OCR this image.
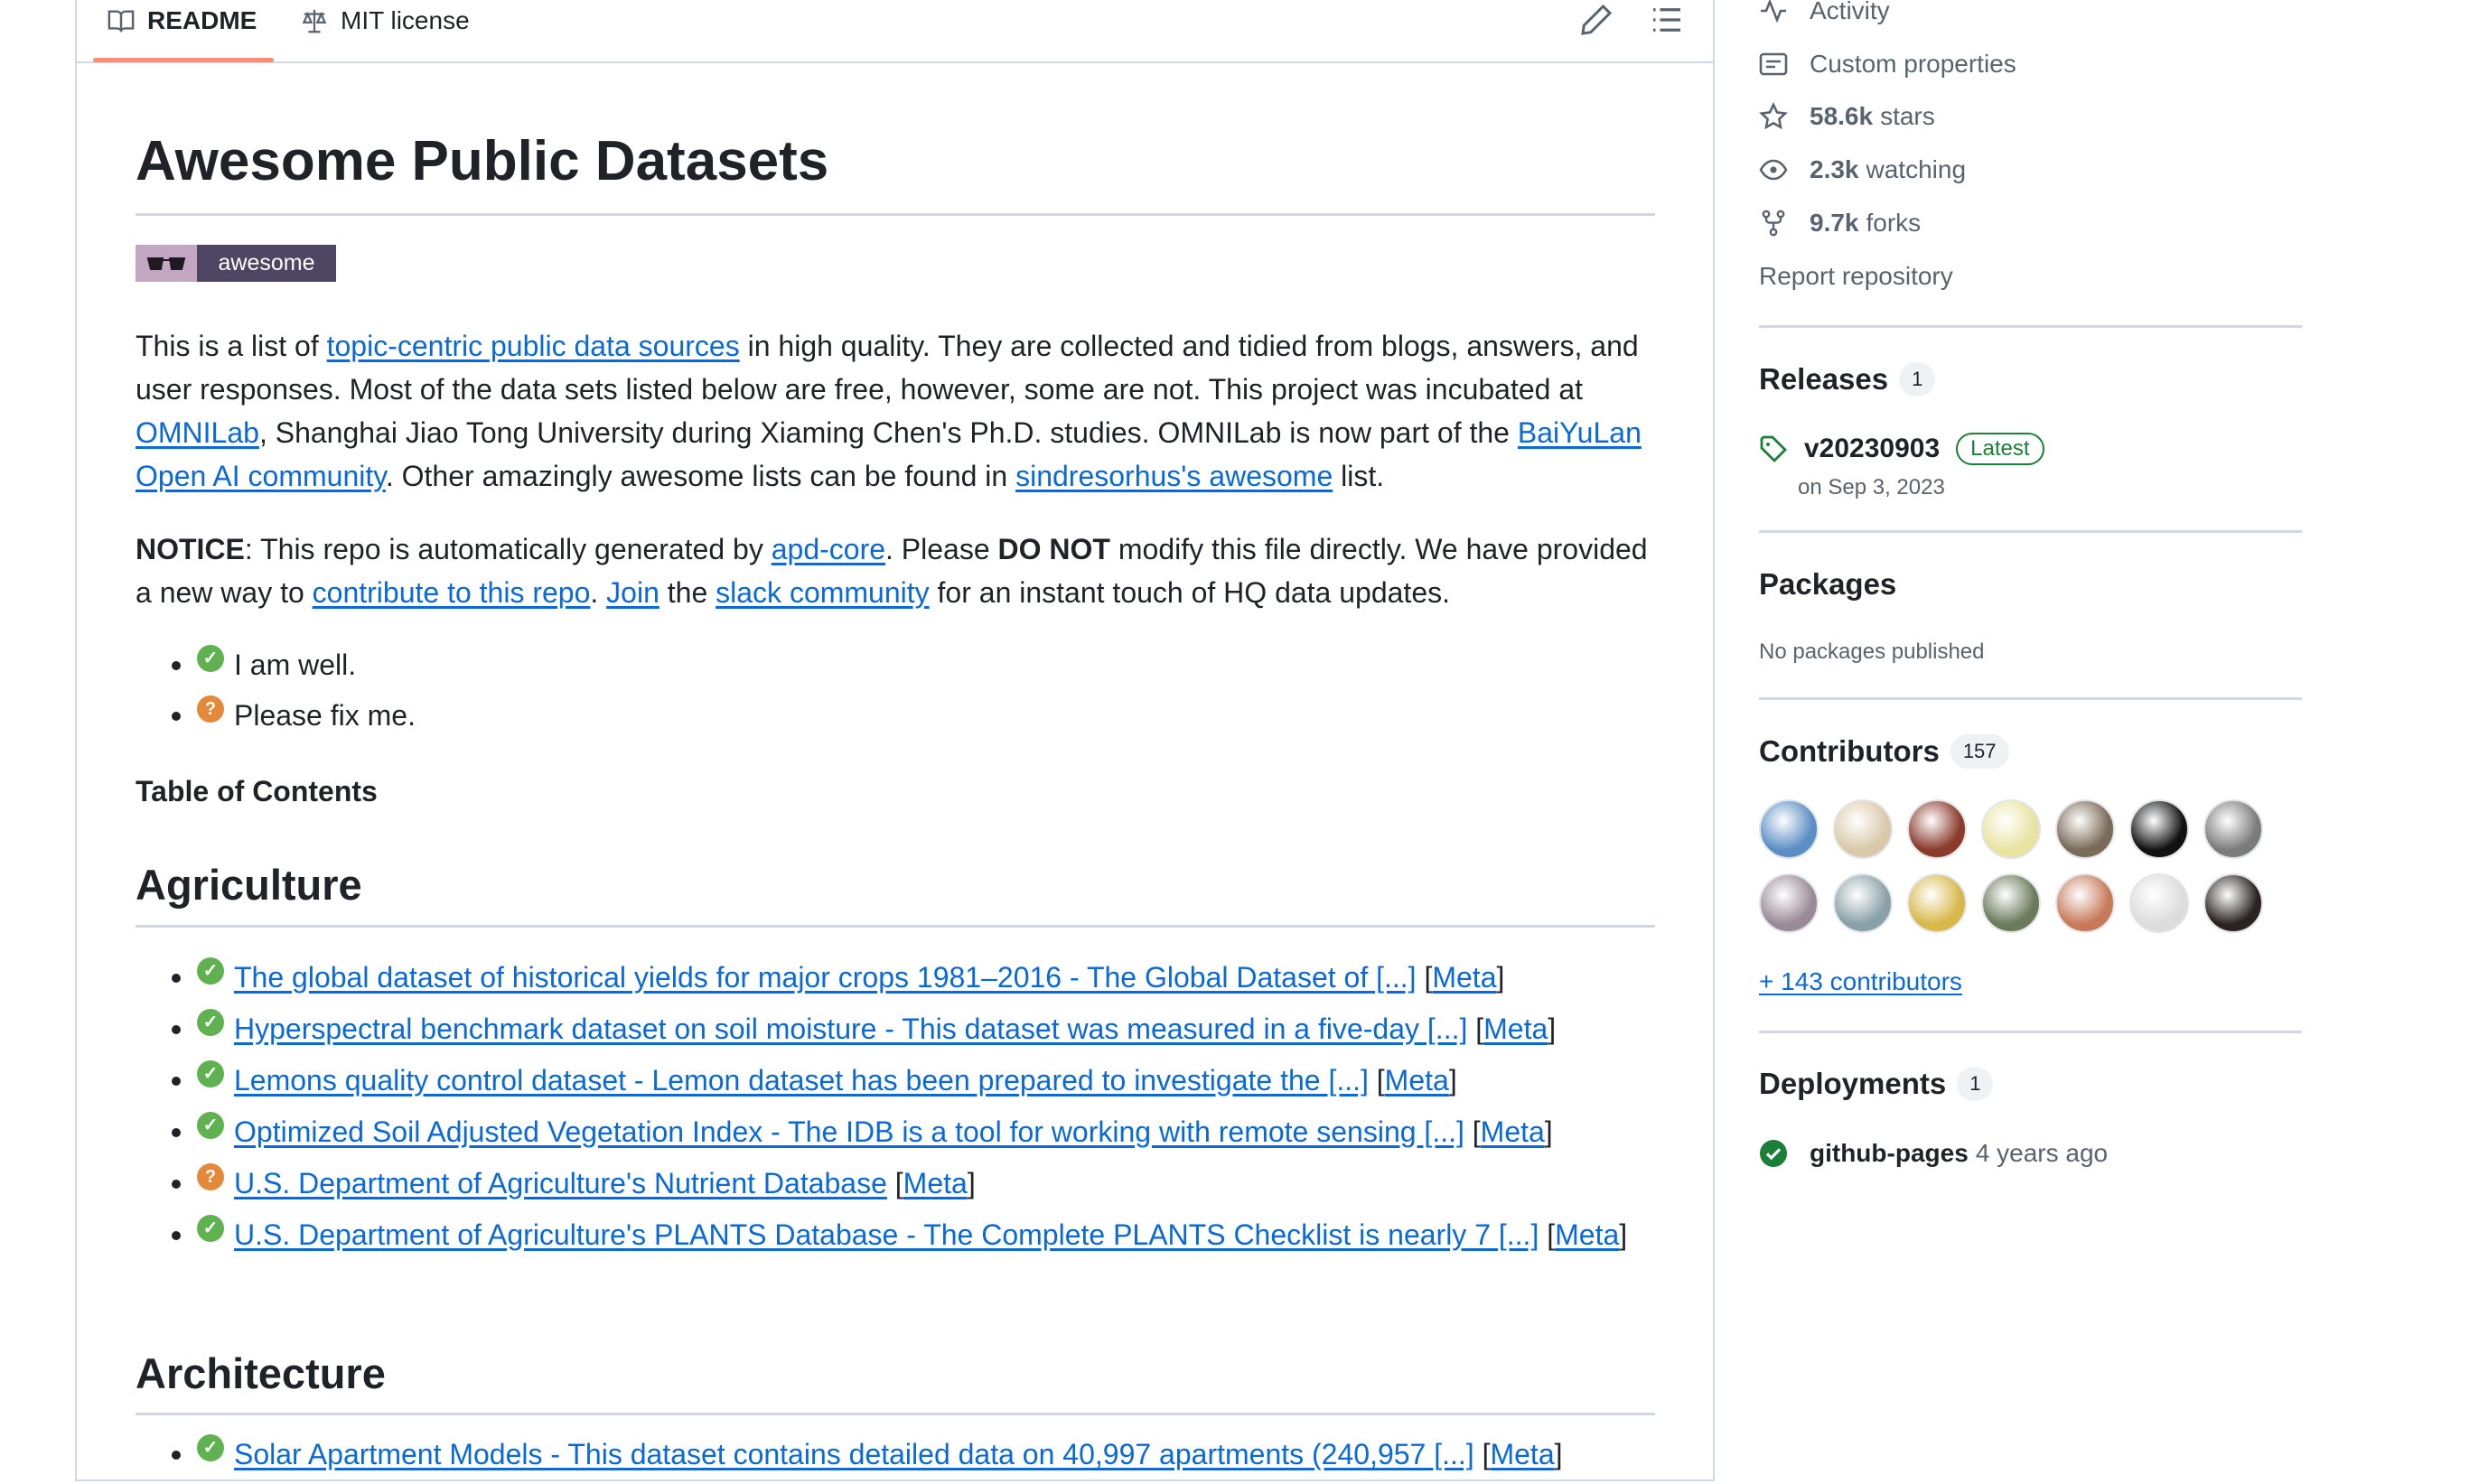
README	MIT license
Awesome Public Datasets
awesome

This is a list of topic-centric public data sources in high quality. They are collected and tidied from blogs, answers, and user responses. Most of the data sets listed below are free, however, some are not. This project was incubated at OMNILab, Shanghai Jiao Tong University during Xiaming Chen's Ph.D. studies. OMNILab is now part of the BaiYuLan Open AI community. Other amazingly awesome lists can be found in sindresorhus's awesome list.

NOTICE: This repo is automatically generated by apd-core. Please DO NOT modify this file directly. We have provided a new way to contribute to this repo. Join the slack community for an instant touch of HQ data updates.

✓ I am well.
? Please fix me.
Table of Contents
Agriculture
✓ The global dataset of historical yields for major crops 1981–2016 - The Global Dataset of [...] [ Meta ]
✓ Hyperspectral benchmark dataset on soil moisture - This dataset was measured in a five-day [...] [ Meta ]
✓ Lemons quality control dataset - Lemon dataset has been prepared to investigate the [...] [ Meta ]
✓ Optimized Soil Adjusted Vegetation Index - The IDB is a tool for working with remote sensing [...] [ Meta ]
? U.S. Department of Agriculture's Nutrient Database [ Meta ]
✓ U.S. Department of Agriculture's PLANTS Database - The Complete PLANTS Checklist is nearly 7 [...] [ Meta ]
Architecture
✓ Solar Apartment Models - This dataset contains detailed data on 40,997 apartments (240,957 [...] [ Meta ]
Activity
Custom properties
58.6k stars
2.3k watching
9.7k forks
Report repository
Releases	1
v20230903	Latest
on Sep 3, 2023
Packages
No packages published
Contributors	157
+ 143 contributors
Deployments	1
github-pages 4 years ago
